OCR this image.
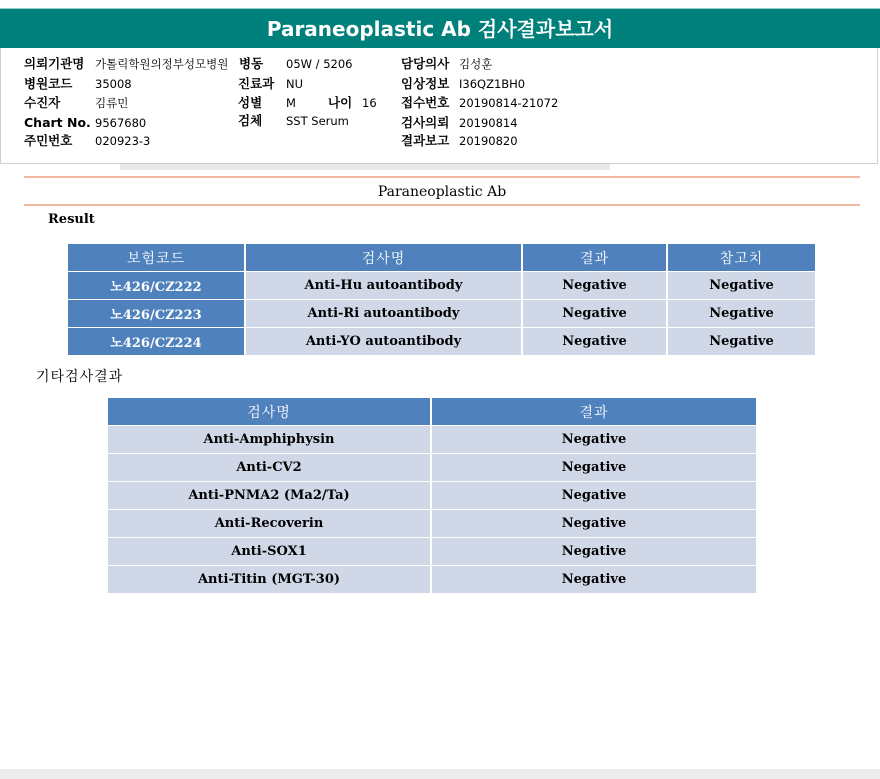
Paraneoplastic Ab 검사결과보고서
의뢰기관명 가톨릭학원의정부성모병원
병원코드 35008
수진자	김류민
Chart No. 9567680
주민번호 020923-3
병동 05W / 5206
진료과 NU
성별 M	나이 16
검체 SST Serum
담당의사 김성훈
임상정보 I36QZ1BH0
접수번호 20190814-21072
검사의뢰 20190814
결과보고 20190820
Paraneoplastic Ab
Result
보험코드	검사명	결과	참고치
노426/CZ222	Anti-Hu autoantibody	Negative	Negative
노426/CZ223	Anti-Ri autoantibody	Negative	Negative
노426/CZ224	Anti-YO autoantibody	Negative	Negative
기타검사결과
검사명	결과
Anti-Amphiphysin	Negative
Anti-CV2	Negative
Anti-PNMA2 (Ma2/Ta)	Negative
Anti-Recoverin	Negative
Anti-SOX1	Negative
Anti-Titin (MGT-30)	Negative
